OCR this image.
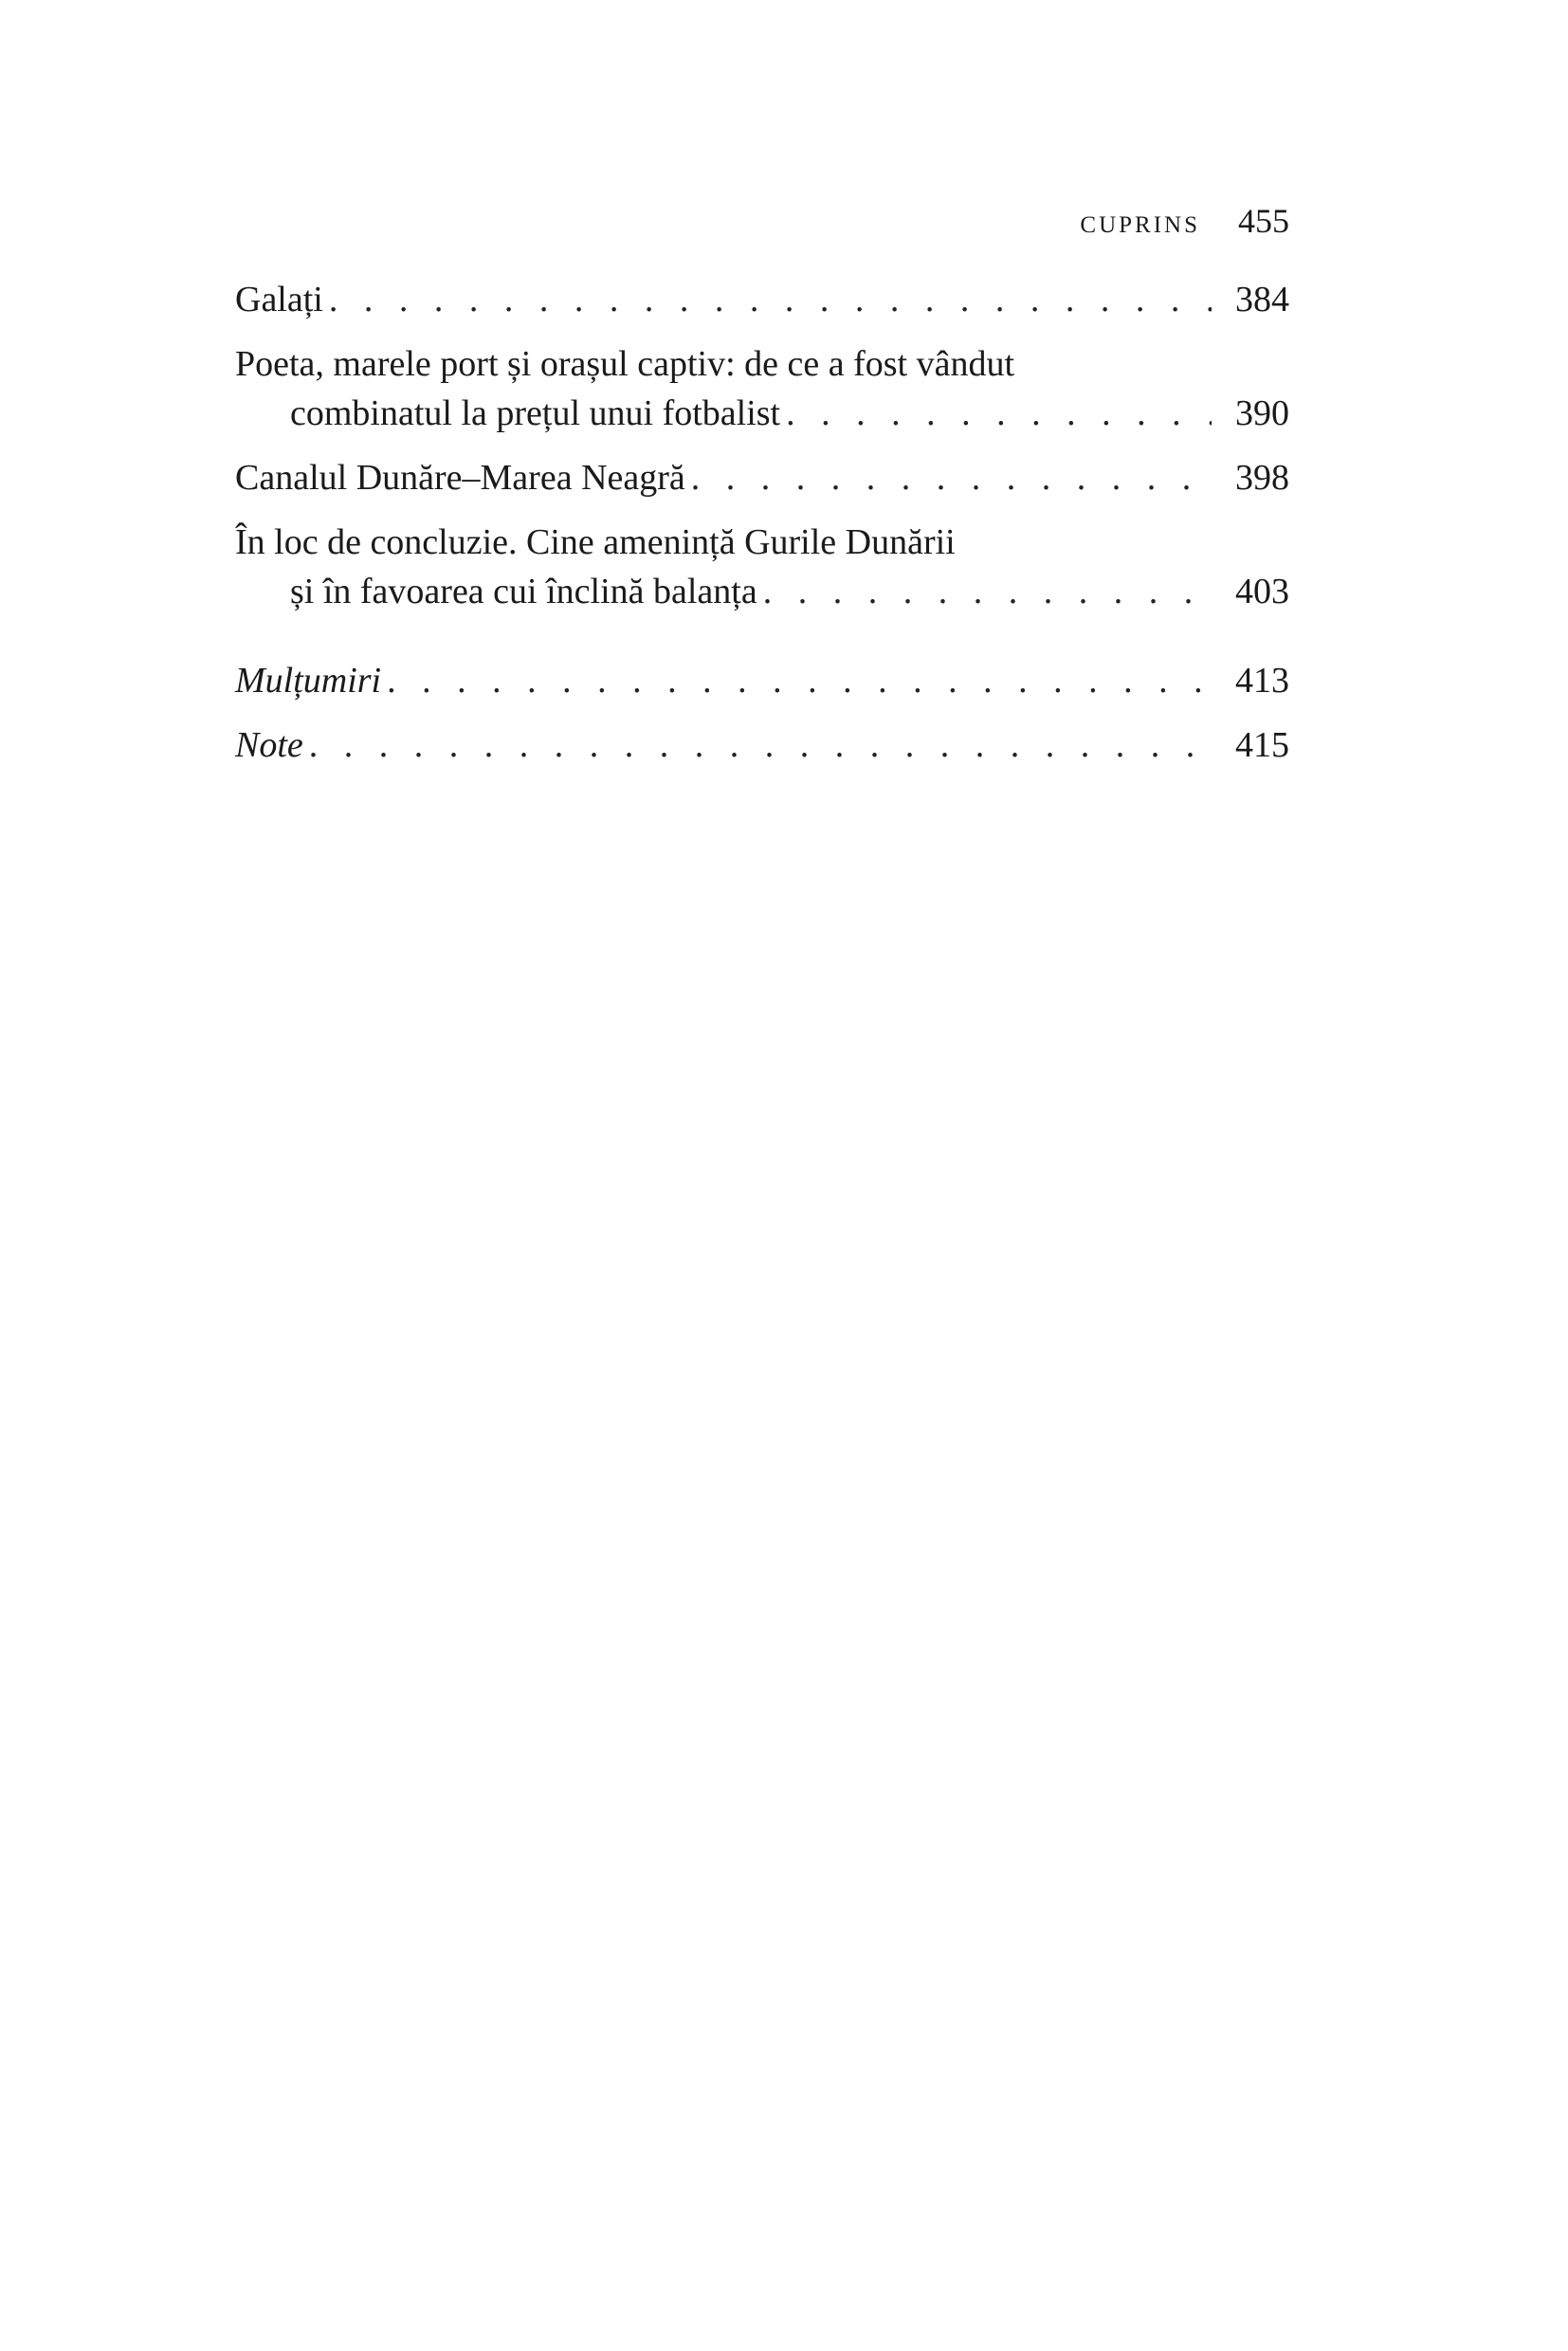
CUPRINS 455
Galați . . .	384
Poeta, marele port și orașul captiv: de ce a fost vândut
combinatul la prețul unui fotbalist . . .	390
Canalul Dunăre–Marea Neagră . . .	398
În loc de concluzie. Cine amenință Gurile Dunării
și în favoarea cui înclină balanța . . .	403
Mulțumiri . . .	413
Note . . .	415
